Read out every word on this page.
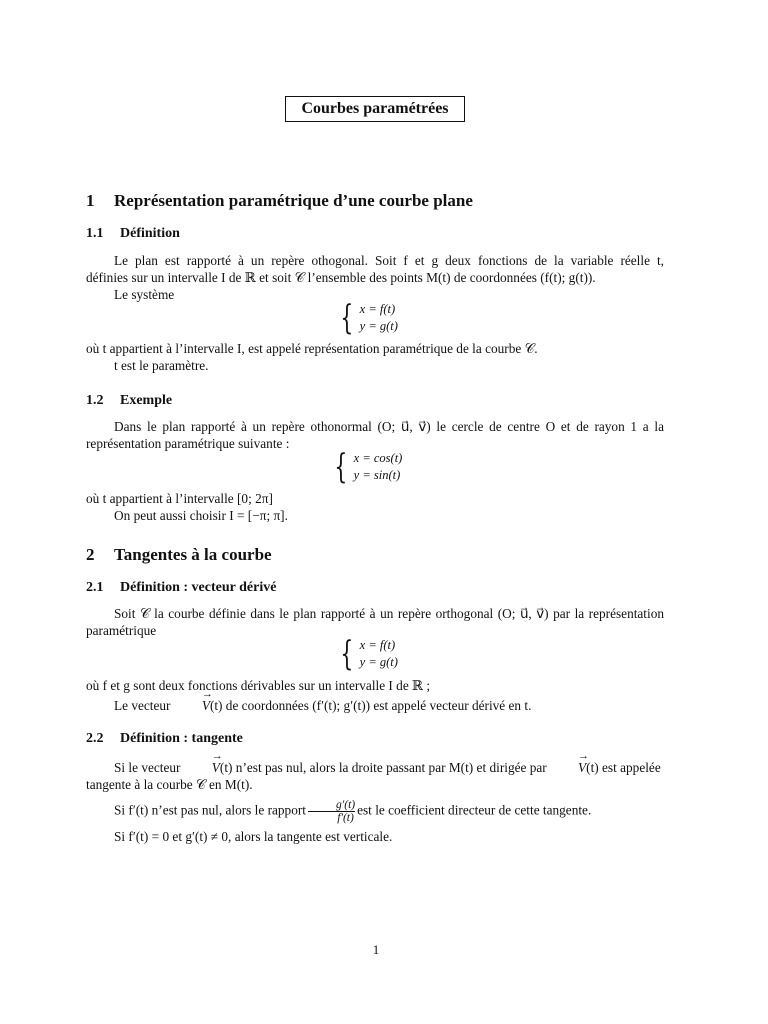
Courbes paramétrées
1 Représentation paramétrique d’une courbe plane
1.1 Définition

Le plan est rapporté à un repère othogonal. Soit f et g deux fonctions de la variable réelle t,

définies sur un intervalle I de ℝ et soit 𝒞 l’ensemble des points M(t) de coordonnées (f(t); g(t)).

Le système

{ x = f(t)
y = g(t)

où t appartient à l’intervalle I, est appelé représentation paramétrique de la courbe 𝒞.

t est le paramètre.

1.2 Exemple

Dans le plan rapporté à un repère othonormal (O; u⃗, v⃗) le cercle de centre O et de rayon 1 a la

représentation paramétrique suivante :

{ x = cos(t)
y = sin(t)

où t appartient à l’intervalle [0; 2π]

On peut aussi choisir I = [−π; π].

2 Tangentes à la courbe
2.1 Définition : vecteur dérivé

Soit 𝒞 la courbe définie dans le plan rapporté à un repère orthogonal (O; u⃗, v⃗) par la représentation

paramétrique

{ x = f(t)
y = g(t)

où f et g sont deux fonctions dérivables sur un intervalle I de ℝ ;

Le vecteur → V(t) de coordonnées (f′(t); g′(t)) est appelé vecteur dérivé en t.

2.2 Définition : tangente

Si le vecteur → V(t) n’est pas nul, alors la droite passant par M(t) et dirigée par → V(t) est appelée

tangente à la courbe 𝒞 en M(t).

Si f′(t) n’est pas nul, alors le rapport $\frac{g'(t)}{f'(t)}$ est le coefficient directeur de cette tangente.

Si f′(t) = 0 et g′(t) ≠ 0, alors la tangente est verticale.

1
